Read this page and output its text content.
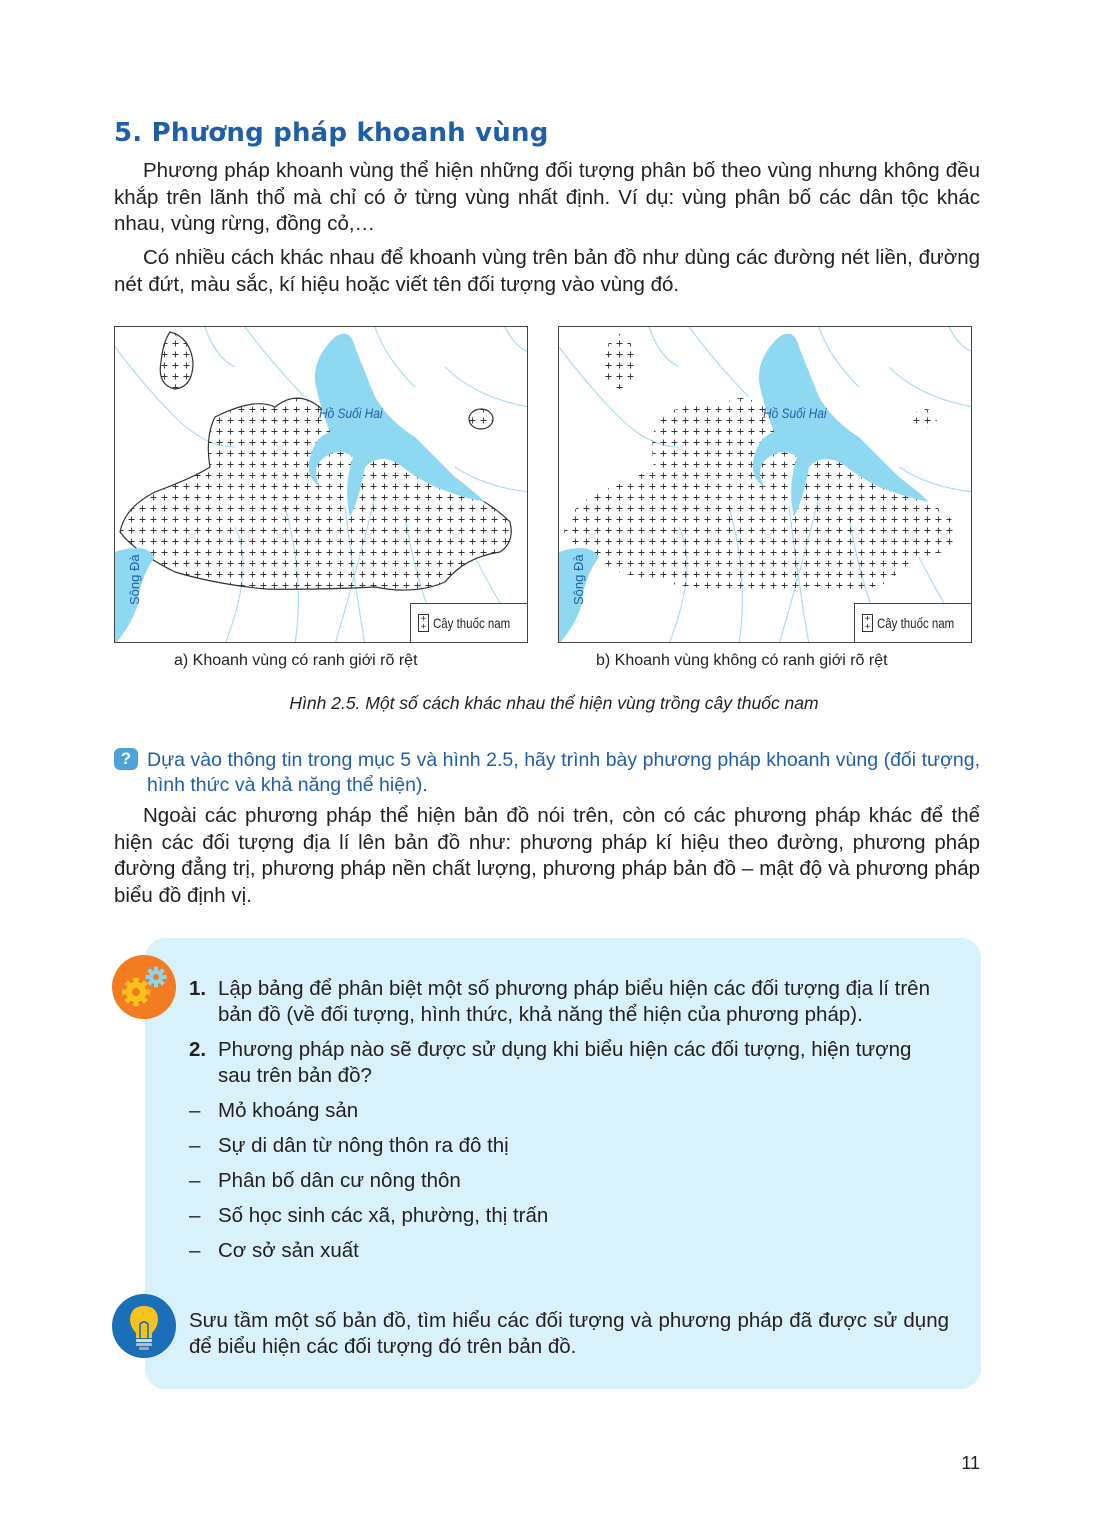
5. Phương pháp khoanh vùng

Phương pháp khoanh vùng thể hiện những đối tượng phân bố theo vùng nhưng không đều khắp trên lãnh thổ mà chỉ có ở từng vùng nhất định. Ví dụ: vùng phân bố các dân tộc khác nhau, vùng rừng, đồng cỏ,…

Có nhiều cách khác nhau để khoanh vùng trên bản đồ như dùng các đường nét liền, đường nét đứt, màu sắc, kí hiệu hoặc viết tên đối tượng vào vùng đó.

Hồ Suối Hai
Sông Đà
+ + Cây thuốc nam
Hồ Suối Hai
Sông Đà
+ + Cây thuốc nam
a) Khoanh vùng có ranh giới rõ rệt	b) Khoanh vùng không có ranh giới rõ rệt
Hình 2.5. Một số cách khác nhau thể hiện vùng trồng cây thuốc nam
? Dựa vào thông tin trong mục 5 và hình 2.5, hãy trình bày phương pháp khoanh vùng (đối tượng, hình thức và khả năng thể hiện).

Ngoài các phương pháp thể hiện bản đồ nói trên, còn có các phương pháp khác để thể hiện các đối tượng địa lí lên bản đồ như: phương pháp kí hiệu theo đường, phương pháp đường đẳng trị, phương pháp nền chất lượng, phương pháp bản đồ – mật độ và phương pháp biểu đồ định vị.

1. Lập bảng để phân biệt một số phương pháp biểu hiện các đối tượng địa lí trên bản đồ (về đối tượng, hình thức, khả năng thể hiện của phương pháp).
2. Phương pháp nào sẽ được sử dụng khi biểu hiện các đối tượng, hiện tượng sau trên bản đồ?
– Mỏ khoáng sản
– Sự di dân từ nông thôn ra đô thị
– Phân bố dân cư nông thôn
– Số học sinh các xã, phường, thị trấn
– Cơ sở sản xuất
Sưu tầm một số bản đồ, tìm hiểu các đối tượng và phương pháp đã được sử dụng để biểu hiện các đối tượng đó trên bản đồ.
11
